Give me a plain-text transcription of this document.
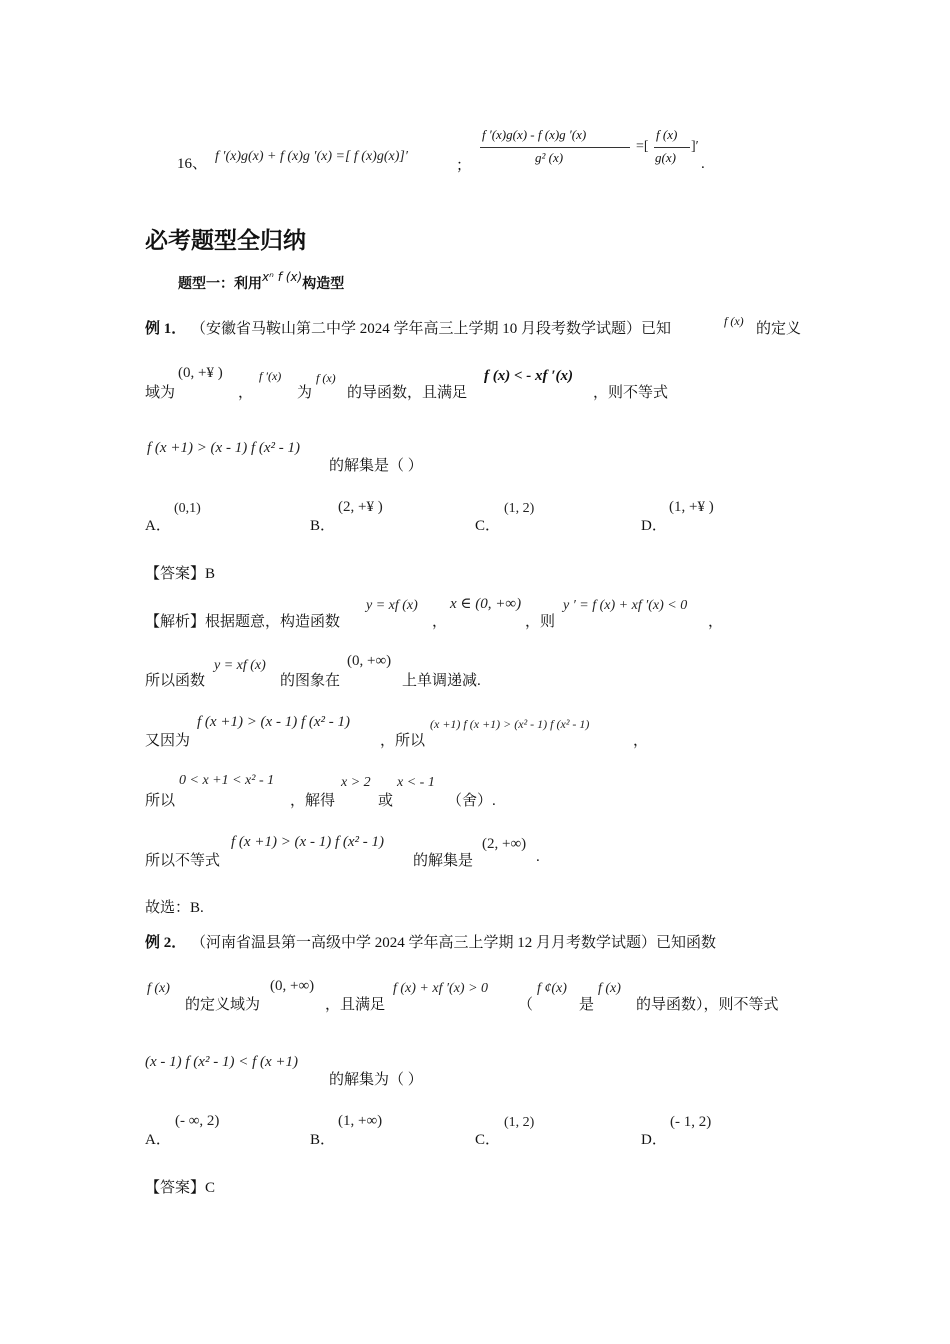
16、 f ′(x)g(x) + f (x)g ′(x) =[ f (x)g(x)]′
；
f ′(x)g(x) - f (x)g ′(x)
g² (x)
=[
f (x)
g(x)
]′
.
必考题型全归纳
题型一：利用xⁿ f (x)构造型
例 1． （安徽省马鞍山第二中学 2024 学年高三上学期 10 月段考数学试题）已知	f (x) 的定义
域为
(0, +¥ )
，
f ′(x)
为
f (x)
的导函数，且满足
f (x) < - xf ′(x)
，则不等式
f (x +1) > (x - 1) f (x² - 1)
的解集是（ ）
A．
(0,1)
B．
(2, +¥ )
C．
(1, 2)
D．
(1, +¥ )
【答案】B
【解析】根据题意，构造函数
y = xf (x)
，
x ∈ (0, +∞)
，则
y ′ = f (x) + xf ′(x) < 0
，
所以函数
y = xf (x)
的图象在
(0, +∞)
上单调递减.
又因为
f (x +1) > (x - 1) f (x² - 1)
，所以
(x +1) f (x +1) > (x² - 1) f (x² - 1)
，
所以
0 < x +1 < x² - 1
，解得
x > 2
或
x < - 1
（舍）.
所以不等式
f (x +1) > (x - 1) f (x² - 1)
的解集是
(2, +∞)
.
故选：B.
例 2． （河南省温县第一高级中学 2024 学年高三上学期 12 月月考数学试题）已知函数
f (x)
的定义域为
(0, +∞)
，且满足
f (x) + xf ′(x) > 0
（
f ¢(x)
是
f (x)
的导函数），则不等式
(x - 1) f (x² - 1) < f (x +1)
的解集为（ ）
A．
(- ∞, 2)
B．
(1, +∞)
C．
(1, 2)
D．
(- 1, 2)
【答案】C
